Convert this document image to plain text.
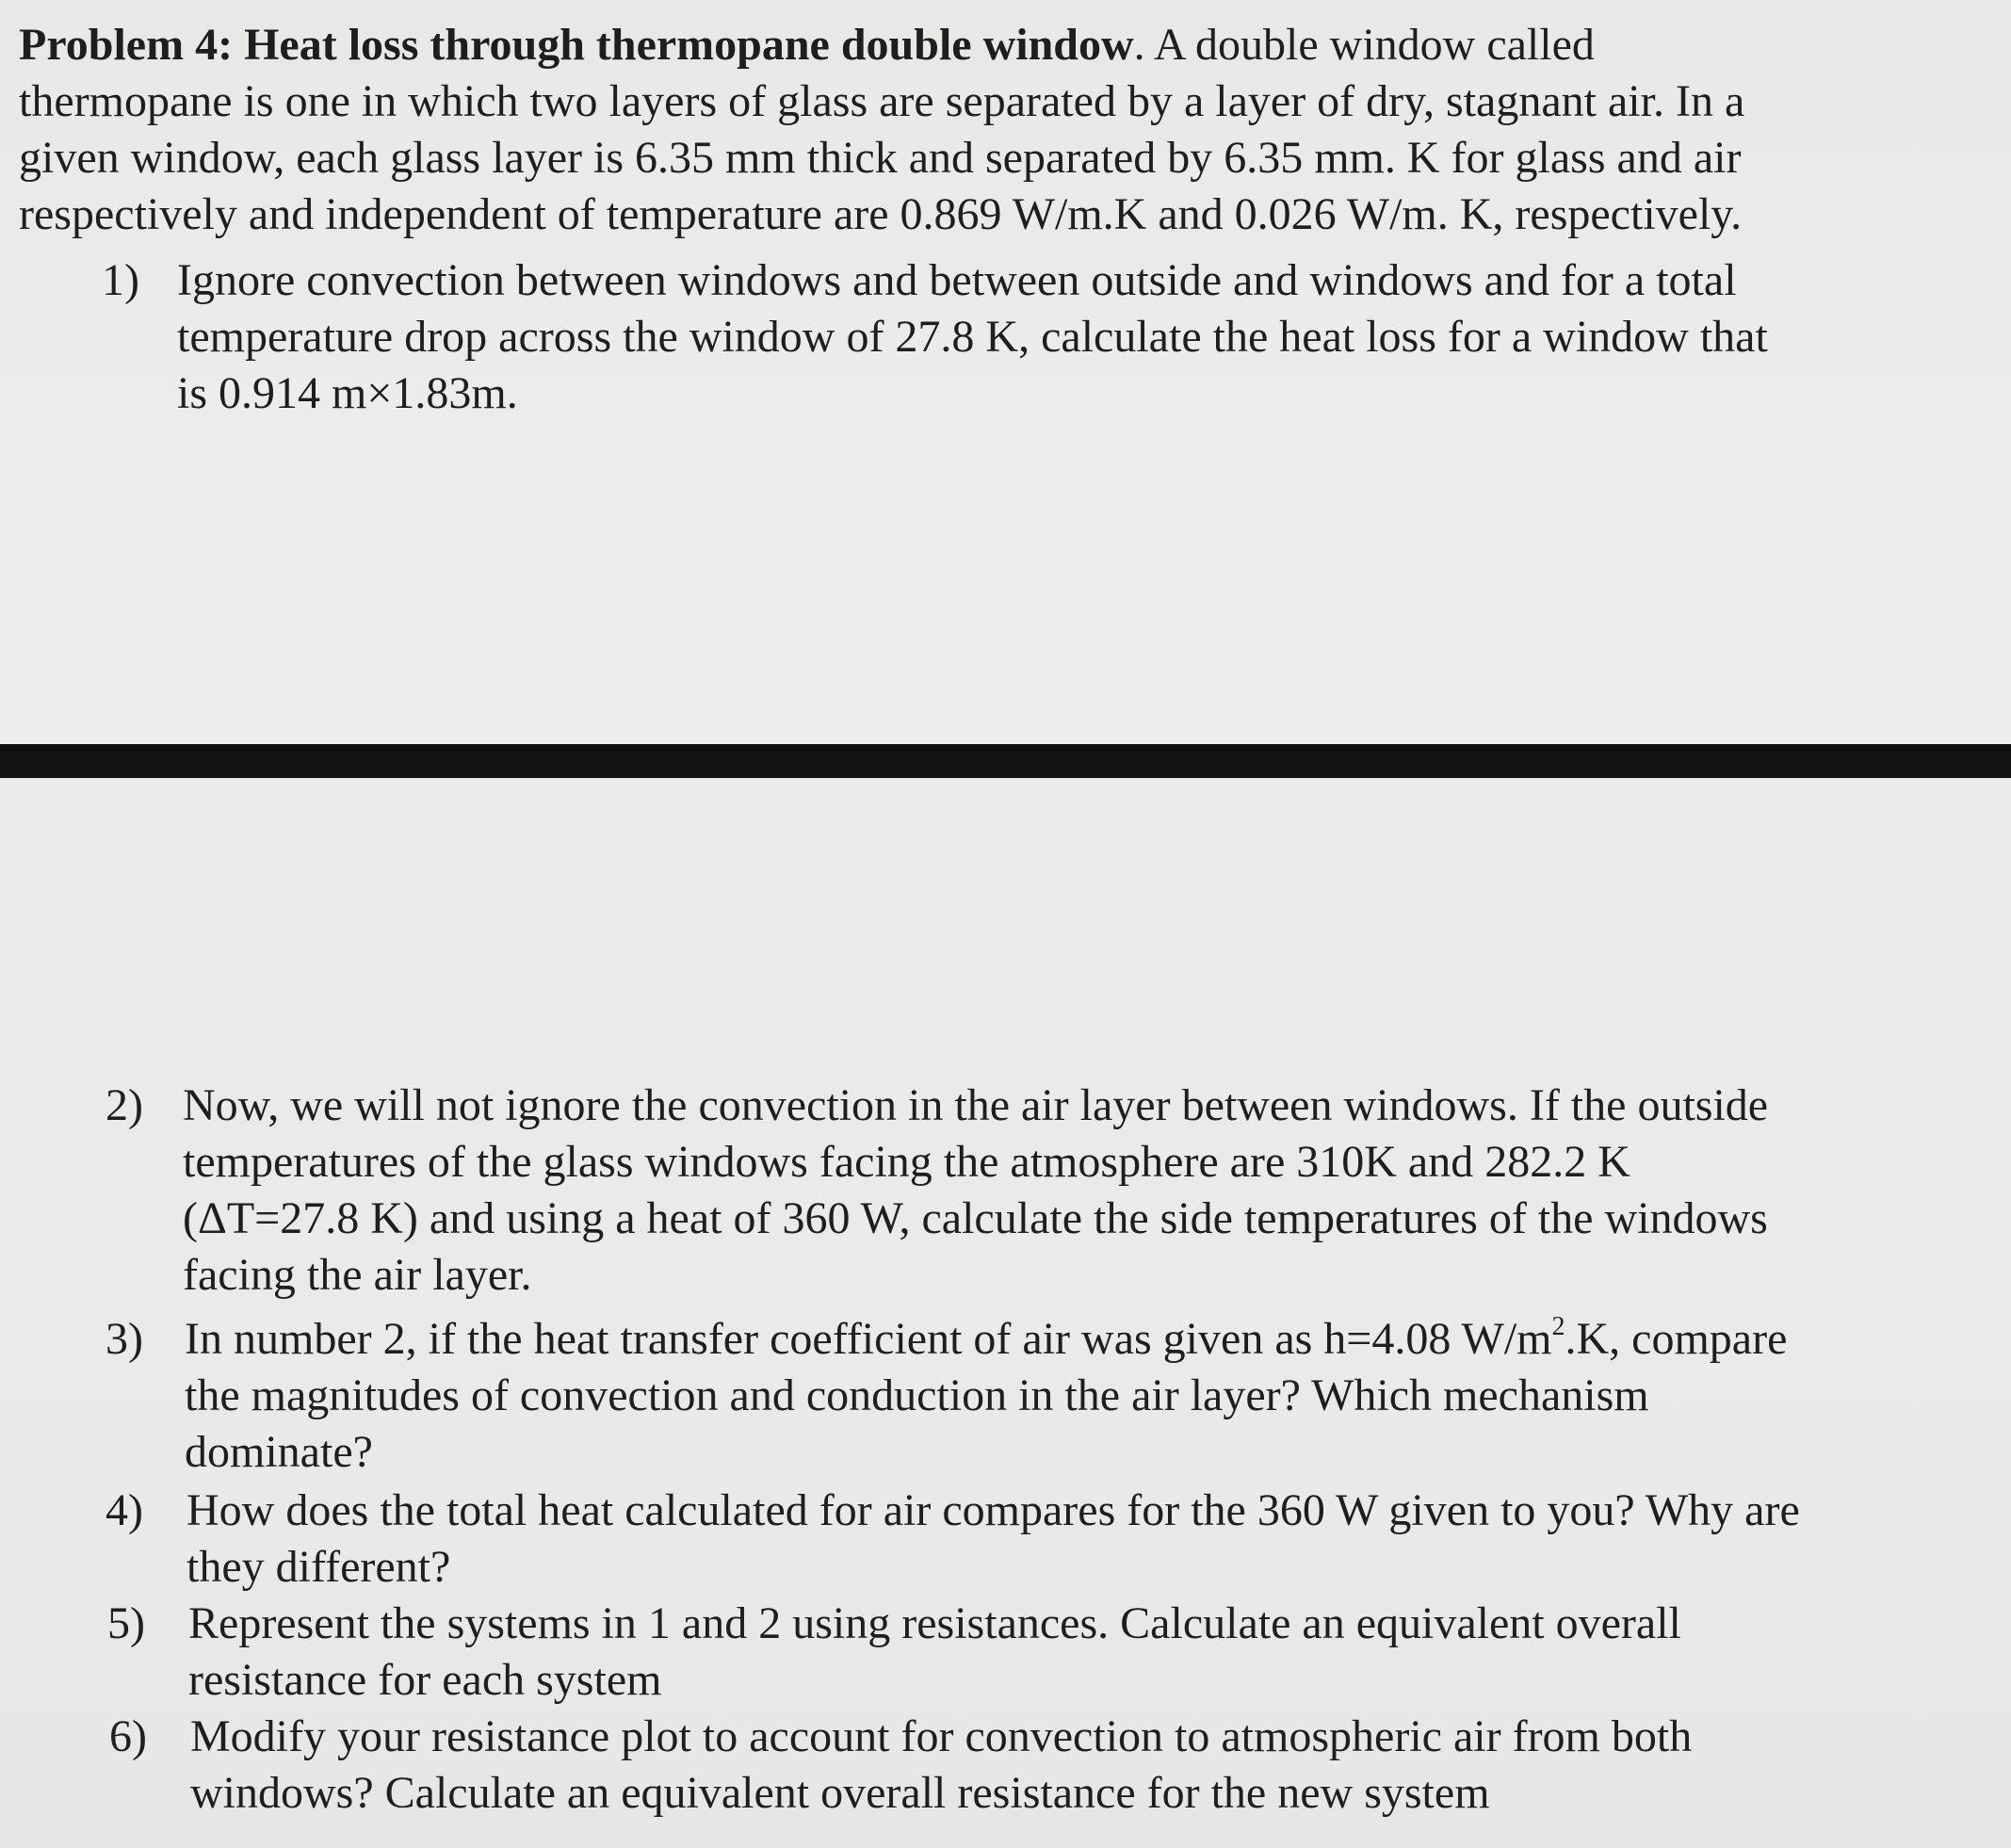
Problem 4: Heat loss through thermopane double window. A double window called
thermopane is one in which two layers of glass are separated by a layer of dry, stagnant air. In a
given window, each glass layer is 6.35 mm thick and separated by 6.35 mm. K for glass and air
respectively and independent of temperature are 0.869 W/m.K and 0.026 W/m. K, respectively.
1) Ignore convection between windows and between outside and windows and for a total
temperature drop across the window of 27.8 K, calculate the heat loss for a window that
is 0.914 m×1.83m.
2) Now, we will not ignore the convection in the air layer between windows. If the outside
temperatures of the glass windows facing the atmosphere are 310K and 282.2 K
(ΔT=27.8 K) and using a heat of 360 W, calculate the side temperatures of the windows
facing the air layer.
3) In number 2, if the heat transfer coefficient of air was given as h=4.08 $W/m^2.K$, compare
the magnitudes of convection and conduction in the air layer? Which mechanism
dominate?
4) How does the total heat calculated for air compares for the 360 W given to you? Why are
they different?
5) Represent the systems in 1 and 2 using resistances. Calculate an equivalent overall
resistance for each system
6) Modify your resistance plot to account for convection to atmospheric air from both
windows? Calculate an equivalent overall resistance for the new system
